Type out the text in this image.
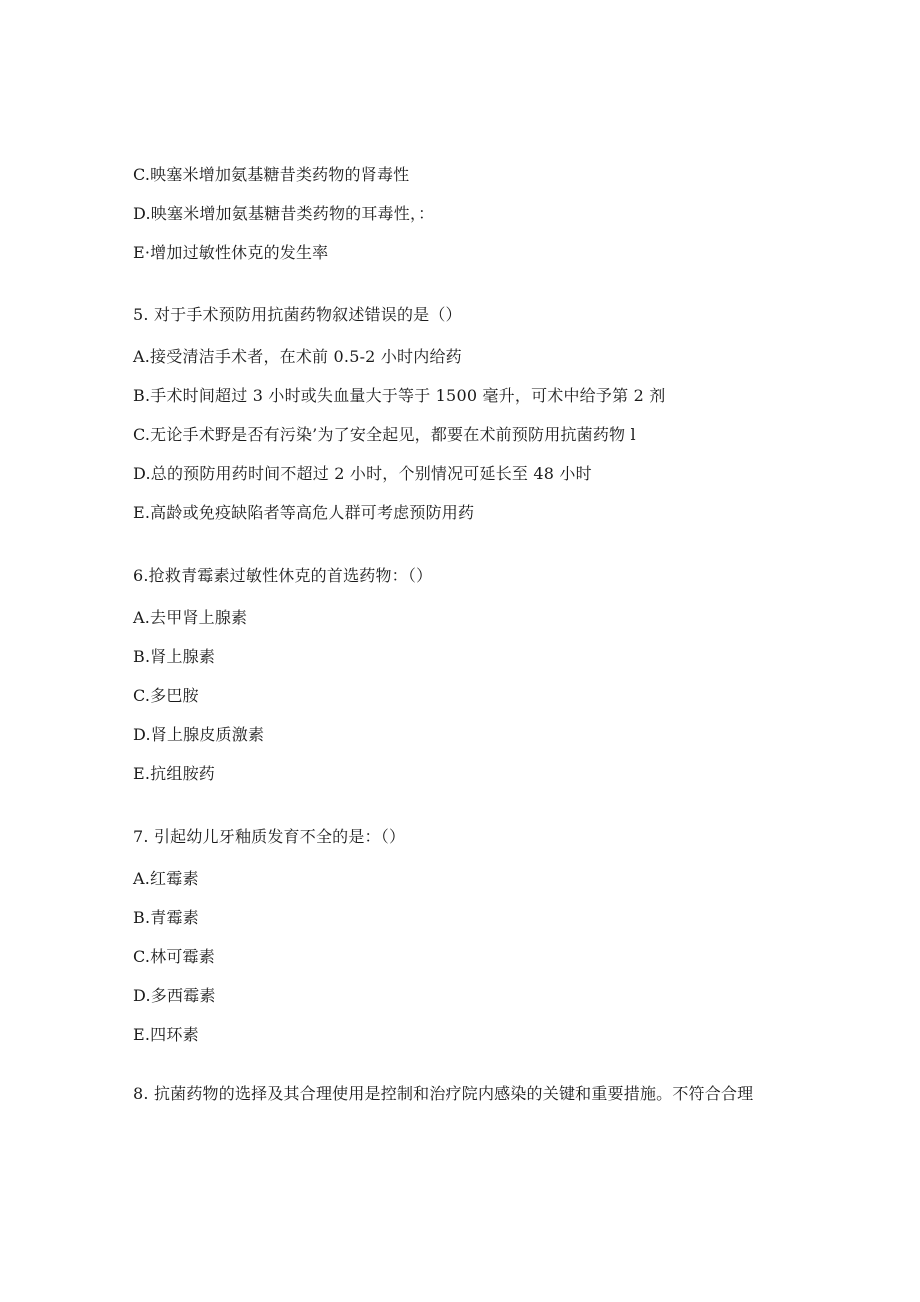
C.映塞米增加氨基糖昔类药物的肾毒性
D.映塞米增加氨基糖昔类药物的耳毒性，：
E·增加过敏性休克的发生率
5. 对于手术预防用抗菌药物叙述错误的是（）
A.接受清洁手术者，在术前 0.5-2 小时内给药
B.手术时间超过 3 小时或失血量大于等于 1500 毫升，可术中给予第 2 剂
C.无论手术野是否有污染’为了安全起见，都要在术前预防用抗菌药物 l
D.总的预防用药时间不超过 2 小时，个别情况可延长至 48 小时
E.高龄或免疫缺陷者等高危人群可考虑预防用药
6.抢救青霉素过敏性休克的首选药物：（）
A.去甲肾上腺素
B.肾上腺素
C.多巴胺
D.肾上腺皮质激素
E.抗组胺药
7. 引起幼儿牙釉质发育不全的是：（）
A.红霉素
B.青霉素
C.林可霉素
D.多西霉素
E.四环素
8. 抗菌药物的选择及其合理使用是控制和治疗院内感染的关键和重要措施。不符合合理
